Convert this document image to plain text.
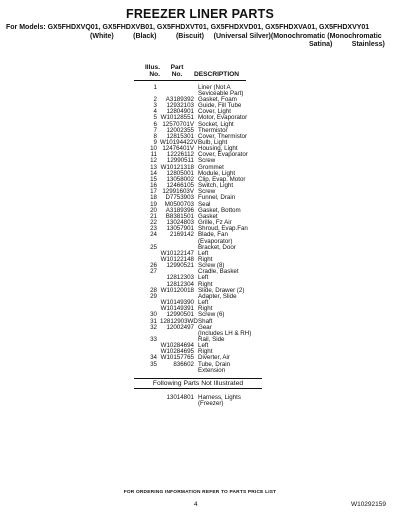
FREEZER LINER PARTS
For Models: GX5FHDXVQ01, GX5FHDXVB01, GX5FHDXVT01, GX5FHDXVD01, GX5FHDXVA01, GX5FHDXVY01
(White)          (Black)          (Biscuit)     (Universal Silver)(Monochromatic (Monochromatic
Satina)          Stainless)
Illus.	Part
No.	No.	DESCRIPTION
1	Liner (Not A
Seviceable Part)
2	A3189392 Gasket, Foam
3	12932103 Guide, Fill Tube
4	12804901 Cover, Light
5 W10128551 Motor, Evaporator
6 12570701V Socket, Light
7	12002355 Thermistor
8	12815301 Cover, Thermistor
9 W10194422V Bulb, Light
10 12476401V Housing, Light
11	12226112 Cover, Evaporator
12	12990511 Screw
13 W10121318 Grommet
14	12805001 Module, Light
15	13058002 Clip, Evap. Motor
16	12466105 Switch, Light
17 12991603V Screw
18	D7753903 Funnel, Drain
19	M0500703 Seal
20	A3189396 Gasket, Bottom
21	B8381501 Gasket
22	13024803 Grille, Fz Air
23	13057901 Shroud, Evap.Fan
24	2169142 Blade, Fan
(Evaporator)
25	Bracket, Door
W10122147 Left
W10122148 Right
26	12990521 Screw (8)
27	Cradle, Basket
12812303 Left
12812304 Right
28 W10120018 Slide, Drawer (2)
29	Adapter, Slide
W10149390 Left
W10149391 Right
30	12990501 Screw (6)
31 12812903WD Shaft
32	12002497 Gear
(Includes LH & RH)
33	Rail, Side
W10284694 Left
W10284695 Right
34 W10157765 Diverter, Air
35	836602 Tube, Drain
Extension
Following Parts Not Illustrated
13014801 Harness, Lights
(Freezer)
FOR ORDERING INFORMATION REFER TO PARTS PRICE LIST
4	W10292159
